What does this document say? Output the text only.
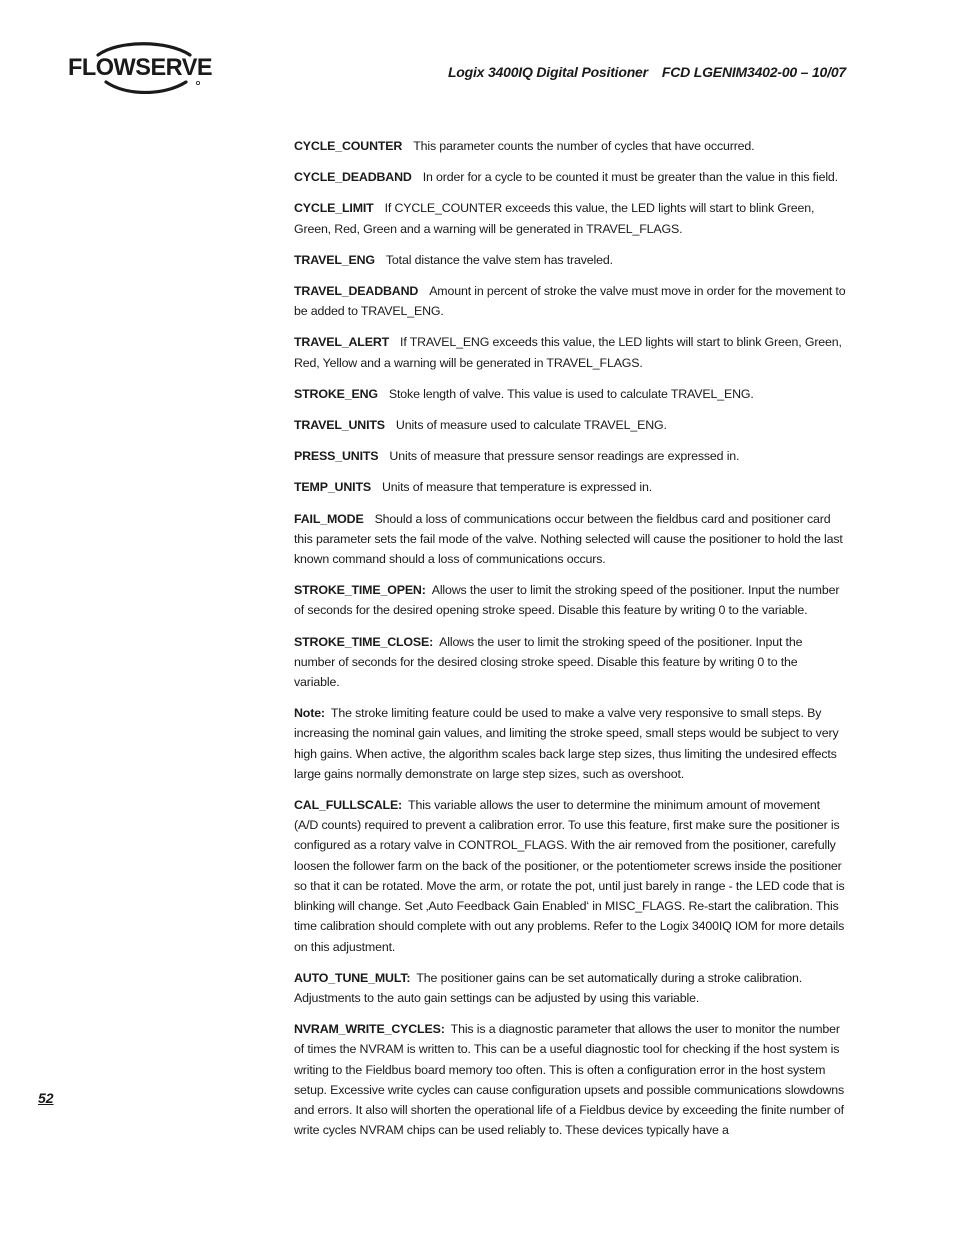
FLOWSERVE	Logix 3400IQ Digital Positioner FCD LGENIM3402-00 – 10/07

CYCLE_COUNTER This parameter counts the number of cycles that have occurred.

CYCLE_DEADBAND In order for a cycle to be counted it must be greater than the value in this field.

CYCLE_LIMIT If CYCLE_COUNTER exceeds this value, the LED lights will start to blink Green, Green, Red, Green and a warning will be generated in TRAVEL_FLAGS.

TRAVEL_ENG Total distance the valve stem has traveled.

TRAVEL_DEADBAND Amount in percent of stroke the valve must move in order for the movement to be added to TRAVEL_ENG.

TRAVEL_ALERT If TRAVEL_ENG exceeds this value, the LED lights will start to blink Green, Green, Red, Yellow and a warning will be generated in TRAVEL_FLAGS.

STROKE_ENG Stoke length of valve. This value is used to calculate TRAVEL_ENG.

TRAVEL_UNITS Units of measure used to calculate TRAVEL_ENG.

PRESS_UNITS Units of measure that pressure sensor readings are expressed in.

TEMP_UNITS Units of measure that temperature is expressed in.

FAIL_MODE Should a loss of communications occur between the fieldbus card and positioner card this parameter sets the fail mode of the valve. Nothing selected will cause the positioner to hold the last known command should a loss of communications occurs.

STROKE_TIME_OPEN: Allows the user to limit the stroking speed of the positioner. Input the number of seconds for the desired opening stroke speed. Disable this feature by writing 0 to the variable.

STROKE_TIME_CLOSE: Allows the user to limit the stroking speed of the positioner. Input the number of seconds for the desired closing stroke speed. Disable this feature by writing 0 to the variable.

Note: The stroke limiting feature could be used to make a valve very responsive to small steps. By increasing the nominal gain values, and limiting the stroke speed, small steps would be subject to very high gains. When active, the algorithm scales back large step sizes, thus limiting the undesired effects large gains normally demonstrate on large step sizes, such as overshoot.

CAL_FULLSCALE: This variable allows the user to determine the minimum amount of movement (A/D counts) required to prevent a calibration error. To use this feature, first make sure the positioner is configured as a rotary valve in CONTROL_FLAGS. With the air removed from the positioner, carefully loosen the follower farm on the back of the positioner, or the potentiometer screws inside the positioner so that it can be rotated. Move the arm, or rotate the pot, until just barely in range - the LED code that is blinking will change. Set ‚Auto Feedback Gain Enabled‘ in MISC_FLAGS. Re-start the calibration. This time calibration should complete with out any problems. Refer to the Logix 3400IQ IOM for more details on this adjustment.

AUTO_TUNE_MULT: The positioner gains can be set automatically during a stroke calibration. Adjustments to the auto gain settings can be adjusted by using this variable.

NVRAM_WRITE_CYCLES: This is a diagnostic parameter that allows the user to monitor the number of times the NVRAM is written to. This can be a useful diagnostic tool for checking if the host system is writing to the Fieldbus board memory too often. This is often a configuration error in the host system setup. Excessive write cycles can cause configuration upsets and possible communications slowdowns and errors. It also will shorten the operational life of a Fieldbus device by exceeding the finite number of write cycles NVRAM chips can be used reliably to. These devices typically have a

52
